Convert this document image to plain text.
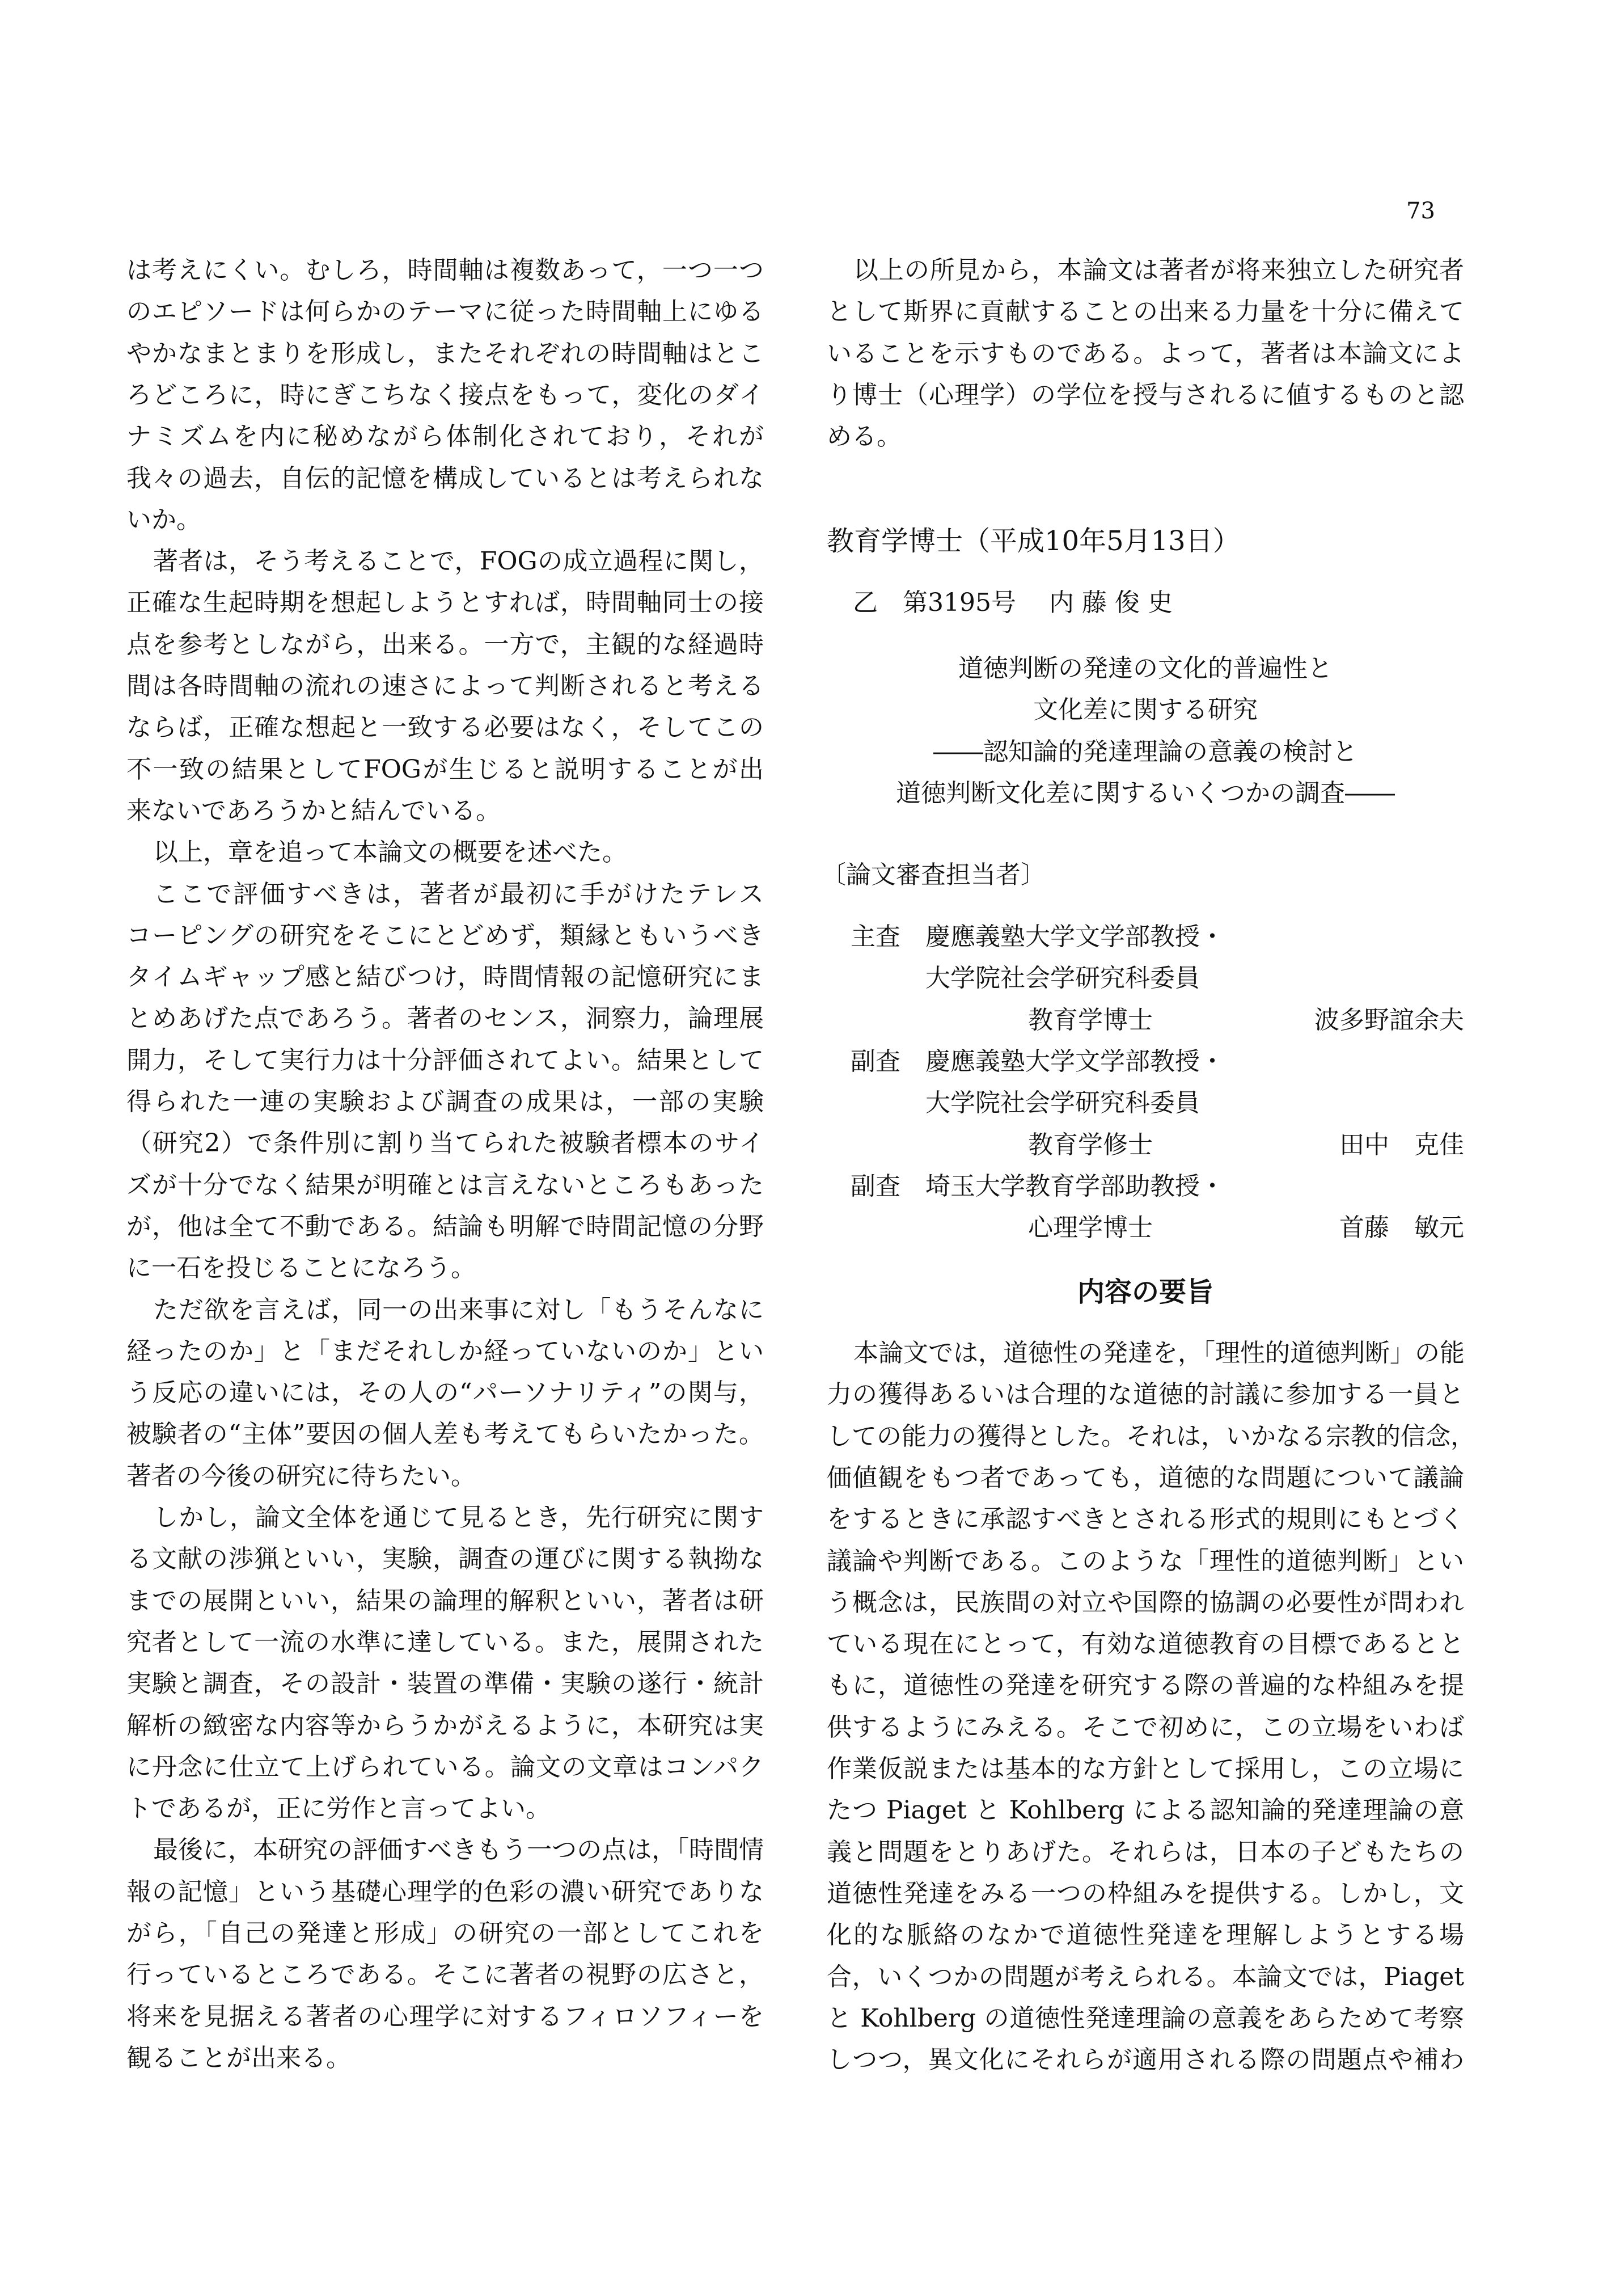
73
は考えにくい。むしろ，時間軸は複数あって，一つ一つ
のエピソードは何らかのテーマに従った時間軸上にゆる
やかなまとまりを形成し，またそれぞれの時間軸はとこ
ろどころに，時にぎこちなく接点をもって，変化のダイ
ナミズムを内に秘めながら体制化されており，それが
我々の過去，自伝的記憶を構成しているとは考えられな
いか。
著者は，そう考えることで，FOGの成立過程に関し，
正確な生起時期を想起しようとすれば，時間軸同士の接
点を参考としながら，出来る。一方で，主観的な経過時
間は各時間軸の流れの速さによって判断されると考える
ならば，正確な想起と一致する必要はなく，そしてこの
不一致の結果としてFOGが生じると説明することが出
来ないであろうかと結んでいる。
以上，章を追って本論文の概要を述べた。
ここで評価すべきは，著者が最初に手がけたテレス
コーピングの研究をそこにとどめず，類縁ともいうべき
タイムギャップ感と結びつけ，時間情報の記憶研究にま
とめあげた点であろう。著者のセンス，洞察力，論理展
開力，そして実行力は十分評価されてよい。結果として
得られた一連の実験および調査の成果は，一部の実験
（研究2）で条件別に割り当てられた被験者標本のサイ
ズが十分でなく結果が明確とは言えないところもあった
が，他は全て不動である。結論も明解で時間記憶の分野
に一石を投じることになろう。
ただ欲を言えば，同一の出来事に対し「もうそんなに
経ったのか」と「まだそれしか経っていないのか」とい
う反応の違いには，その人の“パーソナリティ”の関与，
被験者の“主体”要因の個人差も考えてもらいたかった。
著者の今後の研究に待ちたい。
しかし，論文全体を通じて見るとき，先行研究に関す
る文献の渉猟といい，実験，調査の運びに関する執拗な
までの展開といい，結果の論理的解釈といい，著者は研
究者として一流の水準に達している。また，展開された
実験と調査，その設計・装置の準備・実験の遂行・統計
解析の緻密な内容等からうかがえるように，本研究は実
に丹念に仕立て上げられている。論文の文章はコンパク
トであるが，正に労作と言ってよい。
最後に，本研究の評価すべきもう一つの点は，「時間情
報の記憶」という基礎心理学的色彩の濃い研究でありな
がら，「自己の発達と形成」の研究の一部としてこれを
行っているところである。そこに著者の視野の広さと，
将来を見据える著者の心理学に対するフィロソフィーを
観ることが出来る。
以上の所見から，本論文は著者が将来独立した研究者
として斯界に貢献することの出来る力量を十分に備えて
いることを示すものである。よって，著者は本論文によ
り博士（心理学）の学位を授与されるに値するものと認
める。
教育学博士（平成10年5月13日）
乙　第3195号 内 藤 俊 史
道徳判断の発達の文化的普遍性と
文化差に関する研究
――認知論的発達理論の意義の検討と
道徳判断文化差に関するいくつかの調査――
〔論文審査担当者〕
主査 慶應義塾大学文学部教授・
大学院社会学研究科委員
教育学博士	波多野誼余夫
副査 慶應義塾大学文学部教授・
大学院社会学研究科委員
教育学修士	田中　克佳
副査 埼玉大学教育学部助教授・
心理学博士	首藤　敏元
内容の要旨
本論文では，道徳性の発達を，「理性的道徳判断」の能
力の獲得あるいは合理的な道徳的討議に参加する一員と
しての能力の獲得とした。それは，いかなる宗教的信念，
価値観をもつ者であっても，道徳的な問題について議論
をするときに承認すべきとされる形式的規則にもとづく
議論や判断である。このような「理性的道徳判断」とい
う概念は，民族間の対立や国際的協調の必要性が問われ
ている現在にとって，有効な道徳教育の目標であるとと
もに，道徳性の発達を研究する際の普遍的な枠組みを提
供するようにみえる。そこで初めに，この立場をいわば
作業仮説または基本的な方針として採用し，この立場に
たつ Piaget と Kohlberg による認知論的発達理論の意
義と問題をとりあげた。それらは，日本の子どもたちの
道徳性発達をみる一つの枠組みを提供する。しかし，文
化的な脈絡のなかで道徳性発達を理解しようとする場
合，いくつかの問題が考えられる。本論文では，Piaget
と Kohlberg の道徳性発達理論の意義をあらためて考察
しつつ，異文化にそれらが適用される際の問題点や補わ
